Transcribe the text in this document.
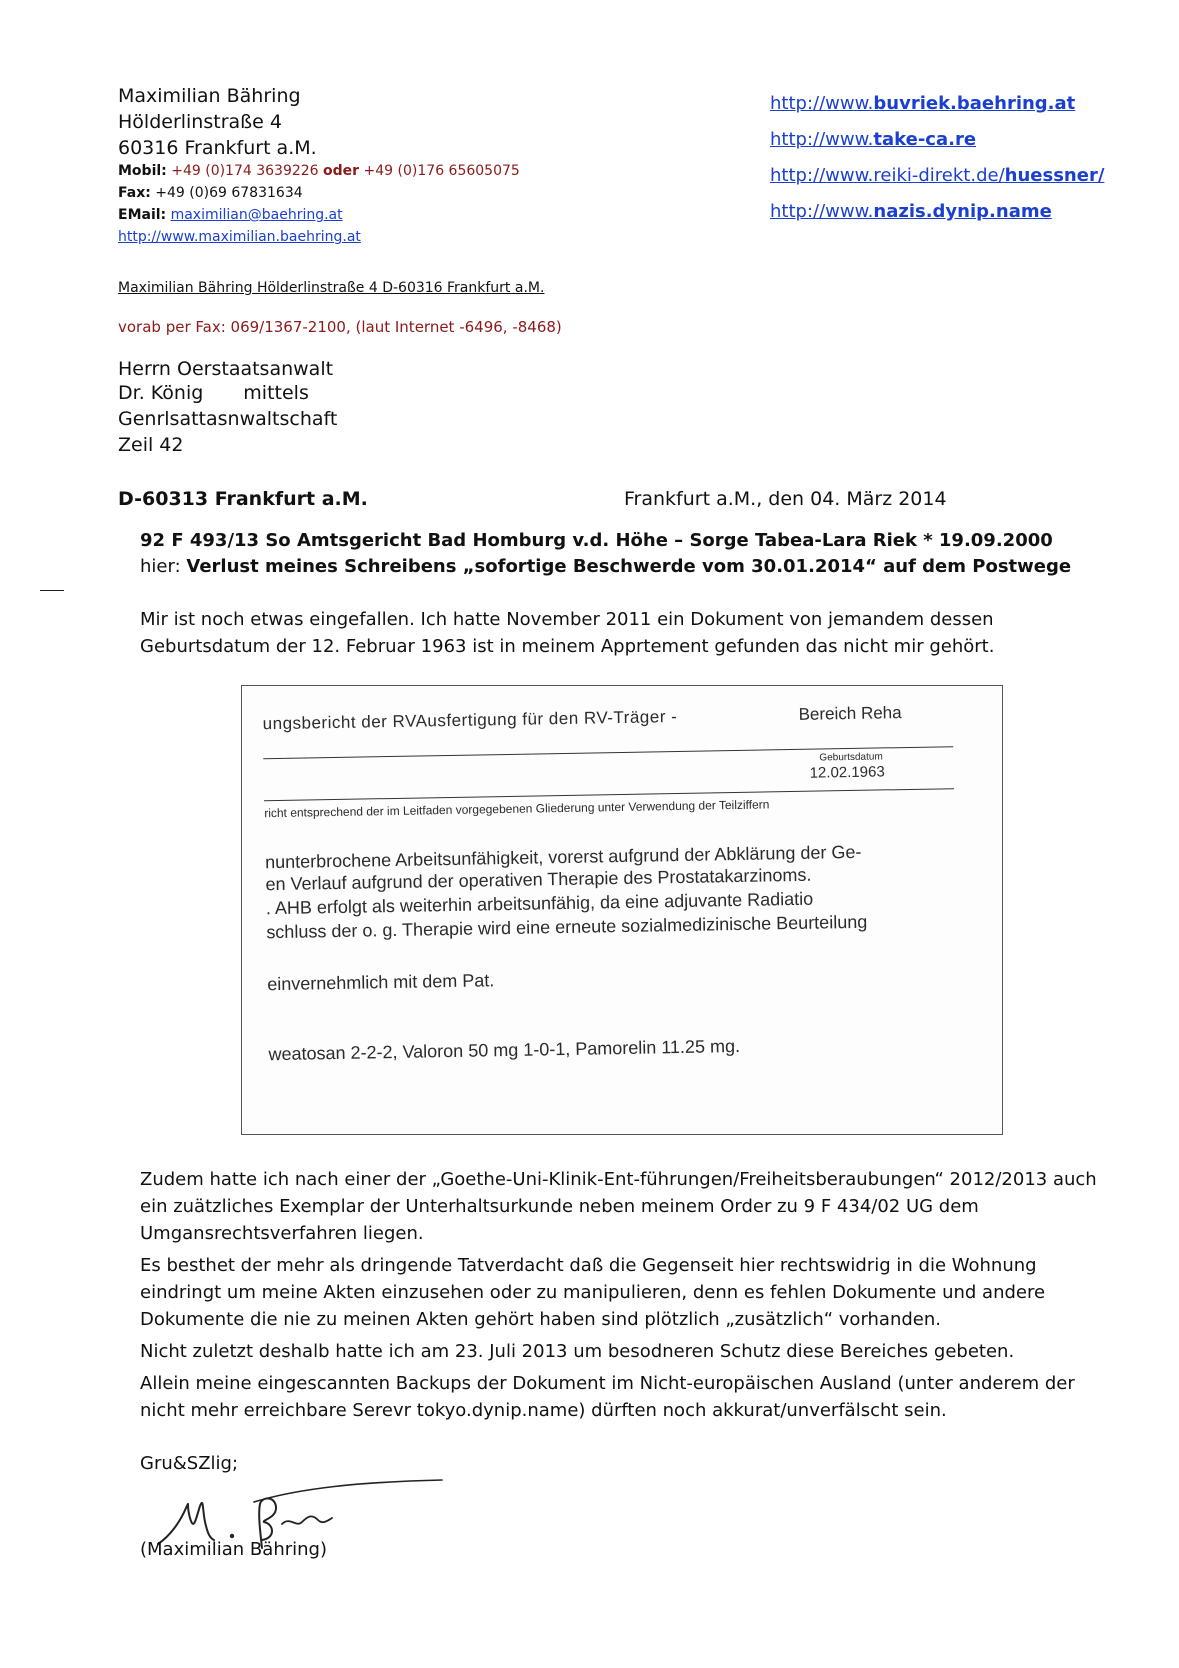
Maximilian Bähring
Hölderlinstraße 4
60316 Frankfurt a.M.
Mobil: +49 (0)174 3639226 oder +49 (0)176 65605075
Fax: +49 (0)69 67831634
EMail: maximilian@baehring.at
http://www.maximilian.baehring.at
http://www.buvriek.baehring.at
http://www.take-ca.re
http://www.reiki-direkt.de/huessner/
http://www.nazis.dynip.name
Maximilian Bähring Hölderlinstraße 4 D-60316 Frankfurt a.M.
vorab per Fax: 069/1367-2100, (laut Internet -6496, -8468)
Herrn Oerstaatsanwalt
Dr. König mittels
Genrlsattasnwaltschaft
Zeil 42
D-60313 Frankfurt a.M.	Frankfurt a.M., den 04. März 2014
92 F 493/13 So Amtsgericht Bad Homburg v.d. Höhe – Sorge Tabea-Lara Riek * 19.09.2000
hier: Verlust meines Schreibens „sofortige Beschwerde vom 30.01.2014“ auf dem Postwege
Mir ist noch etwas eingefallen. Ich hatte November 2011 ein Dokument von jemandem dessen Geburtsdatum der 12. Februar 1963 ist in meinem Apprtement gefunden das nicht mir gehört.
ungsbericht der RVAusfertigung für den RV-Träger -	Bereich Reha
Geburtsdatum
12.02.1963
richt entsprechend der im Leitfaden vorgegebenen Gliederung unter Verwendung der Teilziffern
nunterbrochene Arbeitsunfähigkeit, vorerst aufgrund der Abklärung der Ge-
en Verlauf aufgrund der operativen Therapie des Prostatakarzinoms.
. AHB erfolgt als weiterhin arbeitsunfähig, da eine adjuvante Radiatio
schluss der o. g. Therapie wird eine erneute sozialmedizinische Beurteilung
einvernehmlich mit dem Pat.
weatosan 2-2-2, Valoron 50 mg 1-0-1, Pamorelin 11.25 mg.
Zudem hatte ich nach einer der „Goethe-Uni-Klinik-Ent-führungen/Freiheitsberaubungen“ 2012/2013 auch ein zuätzliches Exemplar der Unterhaltsurkunde neben meinem Order zu 9 F 434/02 UG dem Umgansrechtsverfahren liegen.
Es besthet der mehr als dringende Tatverdacht daß die Gegenseit hier rechtswidrig in die Wohnung eindringt um meine Akten einzusehen oder zu manipulieren, denn es fehlen Dokumente und andere Dokumente die nie zu meinen Akten gehört haben sind plötzlich „zusätzlich“ vorhanden.
Nicht zuletzt deshalb hatte ich am 23. Juli 2013 um besodneren Schutz diese Bereiches gebeten.
Allein meine eingescannten Backups der Dokument im Nicht-europäischen Ausland (unter anderem der nicht mehr erreichbare Serevr tokyo.dynip.name) dürften noch akkurat/unverfälscht sein.
Gru&SZlig;
(Maximilian Bähring)
